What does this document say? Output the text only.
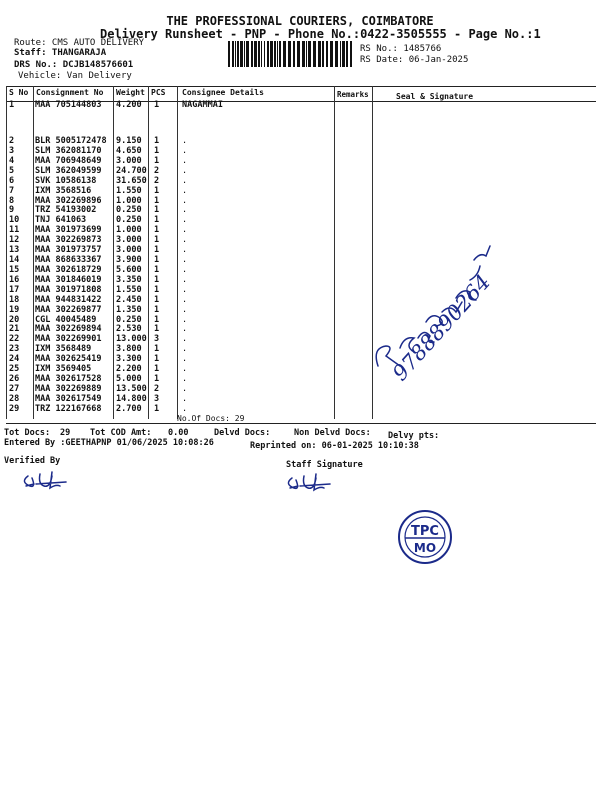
THE PROFESSIONAL COURIERS, COIMBATORE
Delivery Runsheet - PNP - Phone No.:0422-3505555 - Page No.:1
Route: CMS AUTO DELIVERY
Staff: THANGARAJA
DRS No.: DCJB148576601
Vehicle: Van Delivery
RS No.: 1485766
RS Date: 06-Jan-2025
S No Consignment No Weight PCS Consignee Details	Remarks	Seal & Signature
1 MAA 705144803 4.200 1	NAGAMMAI
2 BLR 5005172478 9.150 1	.
3 SLM 362081170 4.650 1	.
4 MAA 706948649 3.000 1	.
5 SLM 362049599 24.700 2	.
6 SVK 10586138 31.650 2	.
7 IXM 3568516	1.550 1	.
8 MAA 302269896 1.000 1	.
9 TRZ 54193002 0.250 1	.
10 TNJ 641063	0.250 1	.
11 MAA 301973699 1.000 1	.
12 MAA 302269873 3.000 1	.
13 MAA 301973757 3.000 1	.
14 MAA 868633367 3.900 1	.
15 MAA 302618729 5.600 1	.
16 MAA 301846019 3.350 1	.
17 MAA 301971808 1.550 1	.
18 MAA 944831422 2.450 1	.
19 MAA 302269877 1.350 1	.
20 CGL 40045489 0.250 1	.
21 MAA 302269894 2.530 1	.
22 MAA 302269901 13.000 3	.
23 IXM 3568489	3.800 1	.
24 MAA 302625419 3.300 1	.
25 IXM 3569405	2.200 1	.
26 MAA 302617528 5.000 1	.
27 MAA 302269889 13.500 2	.
28 MAA 302617549 14.800 3	.
29 TRZ 122167668 2.700 1	.
No.Of Docs: 29
Tot Docs: 29 Tot COD Amt: 0.00	Delvd Docs:	Non Delvd Docs: Delvy pts:
Entered By :GEETHAPNP 01/06/2025 10:08:26	Reprinted on: 06-01-2025 10:10:38
Verified By	Staff Signature
9788890264
TPC
MO
